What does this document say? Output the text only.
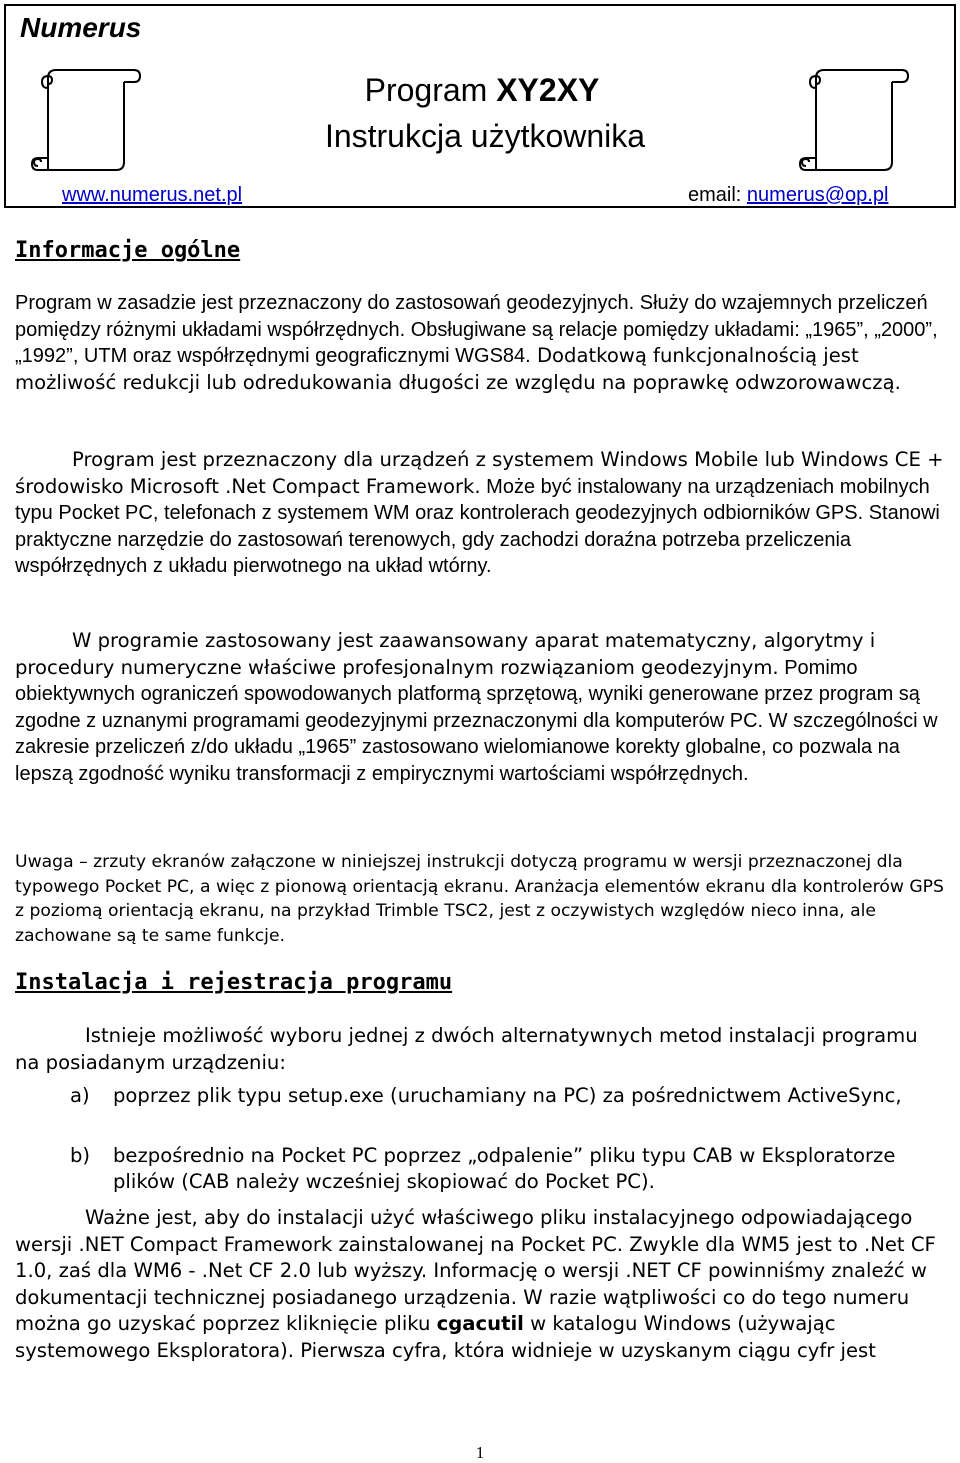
Numerus
Program XY2XY
Instrukcja użytkownika
www.numerus.net.pl	email: numerus@op.pl
Informacje ogólne

Program w zasadzie jest przeznaczony do zastosowań geodezyjnych. Służy do wzajemnych przeliczeń pomiędzy różnymi układami współrzędnych. Obsługiwane są relacje pomiędzy układami: „1965”, „2000”, „1992”, UTM oraz współrzędnymi geograficznymi WGS84. Dodatkową funkcjonalnością jest możliwość redukcji lub odredukowania długości ze względu na poprawkę odwzorowawczą.

Program jest przeznaczony dla urządzeń z systemem Windows Mobile lub Windows CE + środowisko Microsoft .Net Compact Framework. Może być instalowany na urządzeniach mobilnych typu Pocket PC, telefonach z systemem WM oraz kontrolerach geodezyjnych odbiorników GPS. Stanowi praktyczne narzędzie do zastosowań terenowych, gdy zachodzi doraźna potrzeba przeliczenia współrzędnych z układu pierwotnego na układ wtórny.

W programie zastosowany jest zaawansowany aparat matematyczny, algorytmy i procedury numeryczne właściwe profesjonalnym rozwiązaniom geodezyjnym. Pomimo obiektywnych ograniczeń spowodowanych platformą sprzętową, wyniki generowane przez program są zgodne z uznanymi programami geodezyjnymi przeznaczonymi dla komputerów PC. W szczególności w zakresie przeliczeń z/do układu „1965” zastosowano wielomianowe korekty globalne, co pozwala na lepszą zgodność wyniku transformacji z empirycznymi wartościami współrzędnych.

Uwaga – zrzuty ekranów załączone w niniejszej instrukcji dotyczą programu w wersji przeznaczonej dla typowego Pocket PC, a więc z pionową orientacją ekranu. Aranżacja elementów ekranu dla kontrolerów GPS z poziomą orientacją ekranu, na przykład Trimble TSC2, jest z oczywistych względów nieco inna, ale zachowane są te same funkcje.

Instalacja i rejestracja programu

Istnieje możliwość wyboru jednej z dwóch alternatywnych metod instalacji programu na posiadanym urządzeniu:

a) poprzez plik typu setup.exe (uruchamiany na PC) za pośrednictwem ActiveSync,
b) bezpośrednio na Pocket PC poprzez „odpalenie” pliku typu CAB w Eksploratorze plików (CAB należy wcześniej skopiować do Pocket PC).

Ważne jest, aby do instalacji użyć właściwego pliku instalacyjnego odpowiadającego wersji .NET Compact Framework zainstalowanej na Pocket PC. Zwykle dla WM5 jest to .Net CF 1.0, zaś dla WM6 - .Net CF 2.0 lub wyższy. Informację o wersji .NET CF powinniśmy znaleźć w dokumentacji technicznej posiadanego urządzenia. W razie wątpliwości co do tego numeru można go uzyskać poprzez kliknięcie pliku cgacutil w katalogu Windows (używając systemowego Eksploratora). Pierwsza cyfra, która widnieje w uzyskanym ciągu cyfr jest

1
